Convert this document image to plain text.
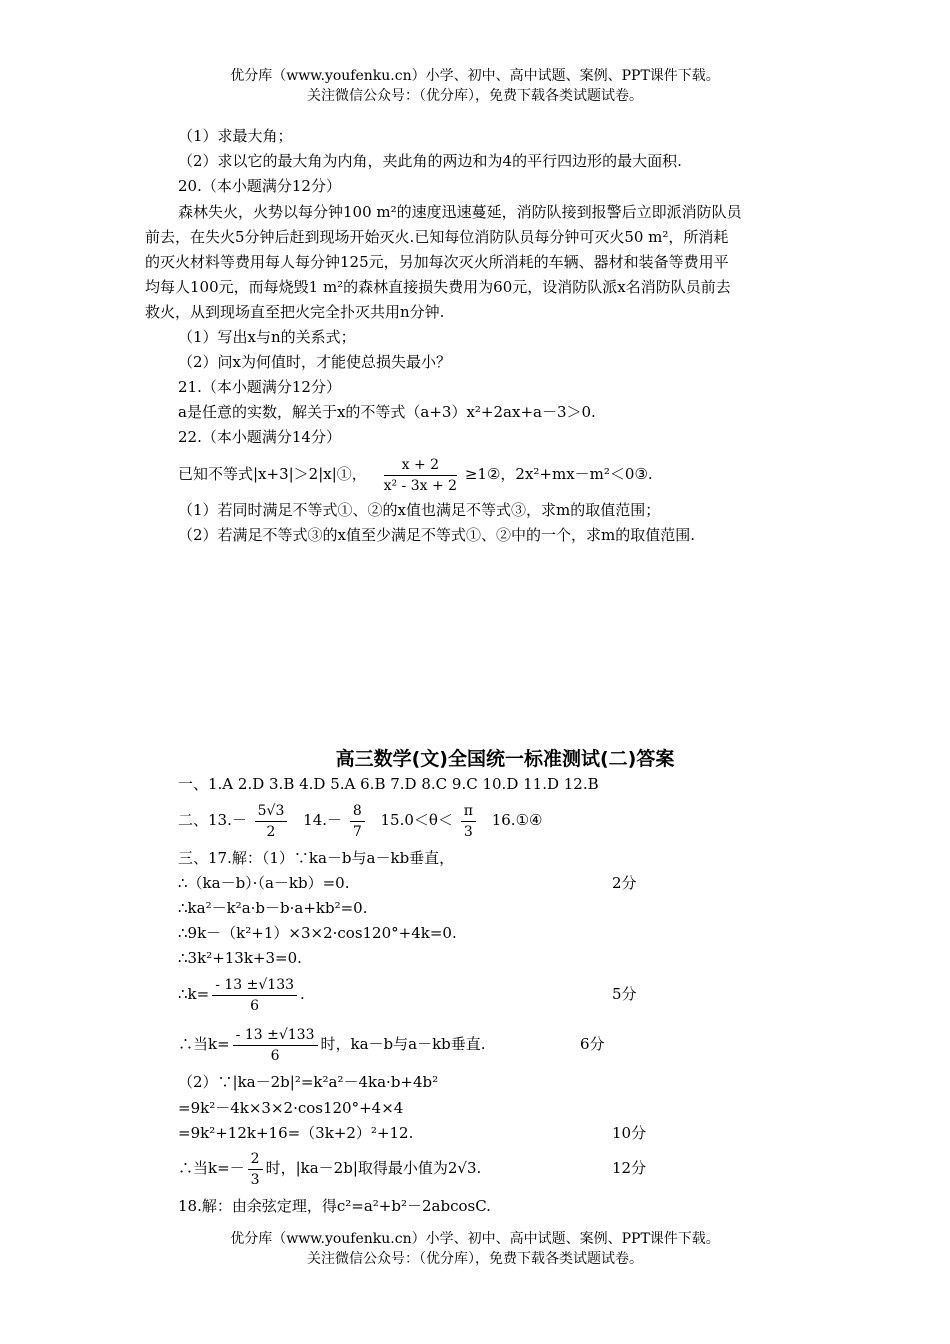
优分库（www.youfenku.cn）小学、初中、高中试题、案例、PPT课件下载。
关注微信公众号：（优分库），免费下载各类试题试卷。
（1）求最大角；
（2）求以它的最大角为内角，夹此角的两边和为4的平行四边形的最大面积.
20.（本小题满分12分）
森林失火，火势以每分钟100 m²的速度迅速蔓延，消防队接到报警后立即派消防队员
前去，在失火5分钟后赶到现场开始灭火.已知每位消防队员每分钟可灭火50 m²，所消耗
的灭火材料等费用每人每分钟125元，另加每次灭火所消耗的车辆、器材和装备等费用平
均每人100元，而每烧毁1 m²的森林直接损失费用为60元，设消防队派x名消防队员前去
救火，从到现场直至把火完全扑灭共用n分钟.
（1）写出x与n的关系式；
（2）问x为何值时，才能使总损失最小？
21.（本小题满分12分）
a是任意的实数，解关于x的不等式（a+3）x²+2ax+a－3＞0.
22.（本小题满分14分）
已知不等式|x+3|＞2|x|①， $\frac{x + 2}{\text{x² - 3x + 2}}$ ≥1②，2x²+mx－m²＜0③.
（1）若同时满足不等式①、②的x值也满足不等式③，求m的取值范围；
（2）若满足不等式③的x值至少满足不等式①、②中的一个，求m的取值范围.
高三数学(文)全国统一标准测试(二)答案
一、1.A 2.D 3.B 4.D 5.A 6.B 7.D 8.C 9.C 10.D 11.D 12.B
二、$13.- \frac{5√3}{2} 14.- \frac{8}{7} 15.0<\theta< \frac{\pi}{3}$ 16.①④
三、17.解：（1）∵ka－b与a－kb垂直，
∴（ka－b）·（a－kb）=0.	2分
∴ka²－k²a·b－b·a+kb²=0.
∴9k－（k²+1）×3×2·cos120°+4k=0.
∴3k²+13k+3=0.
∴k= $\frac{- 13 \pm√133}{6}$ .	5分
∴当$k= \frac{- 13 \pm√133}{6}$ 时，ka－b与a－kb垂直.	6分
（2）∵|ka－2b|²=k²a²－4ka·b+4b²
=9k²－4k×3×2·cos120°+4×4
=9k²+12k+16=（3k+2）²+12.	10分
∴当$k=- \frac{2}{3}$ 时，|ka－2b|取得最小值为2√3.	12分
18.解：由余弦定理，得c²=a²+b²－2abcosC.
优分库（www.youfenku.cn）小学、初中、高中试题、案例、PPT课件下载。
关注微信公众号：（优分库），免费下载各类试题试卷。
